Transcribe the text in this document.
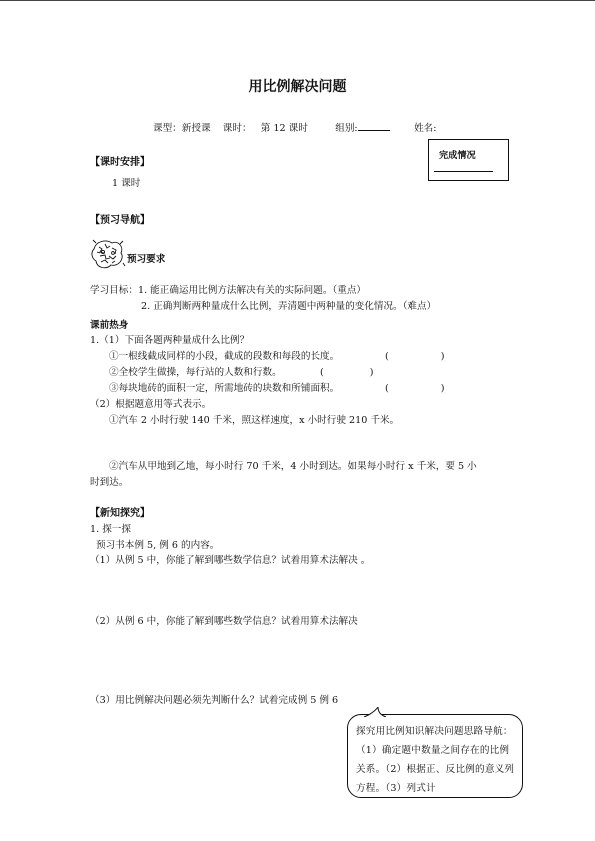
用比例解决问题
课型：新授课 课时： 第 12 课时	组别:	姓名:
完成情况
【课时安排】
1 课时
【预习导航】
预习要求
学习目标：1. 能正确运用比例方法解决有关的实际问题。（重点）
2. 正确判断两种量成什么比例，弄清题中两种量的变化情况。（难点）
课前热身
1.（1）下面各题两种量成什么比例？
①一根线截成同样的小段，截成的段数和每段的长度。	(	)
②全校学生做操，每行站的人数和行数。	(	)
③每块地砖的面积一定，所需地砖的块数和所铺面积。	(	)
（2）根据题意用等式表示。
①汽车 2 小时行驶 140 千米，照这样速度，x 小时行驶 210 千米。
②汽车从甲地到乙地，每小时行 70 千米，4 小时到达。如果每小时行 x 千米，要 5 小
时到达。
【新知探究】
1. 探一探
预习书本例 5, 例 6 的内容。
（1）从例 5 中，你能了解到哪些数学信息？试着用算术法解决 。
（2）从例 6 中，你能了解到哪些数学信息？试着用算术法解决
（3）用比例解决问题必须先判断什么？试着完成例 5 例 6
探究用比例知识解决问题思路导航：（1）确定题中数量之间存在的比例关系。（2）根据正、反比例的意义列方程。（3）列式计
